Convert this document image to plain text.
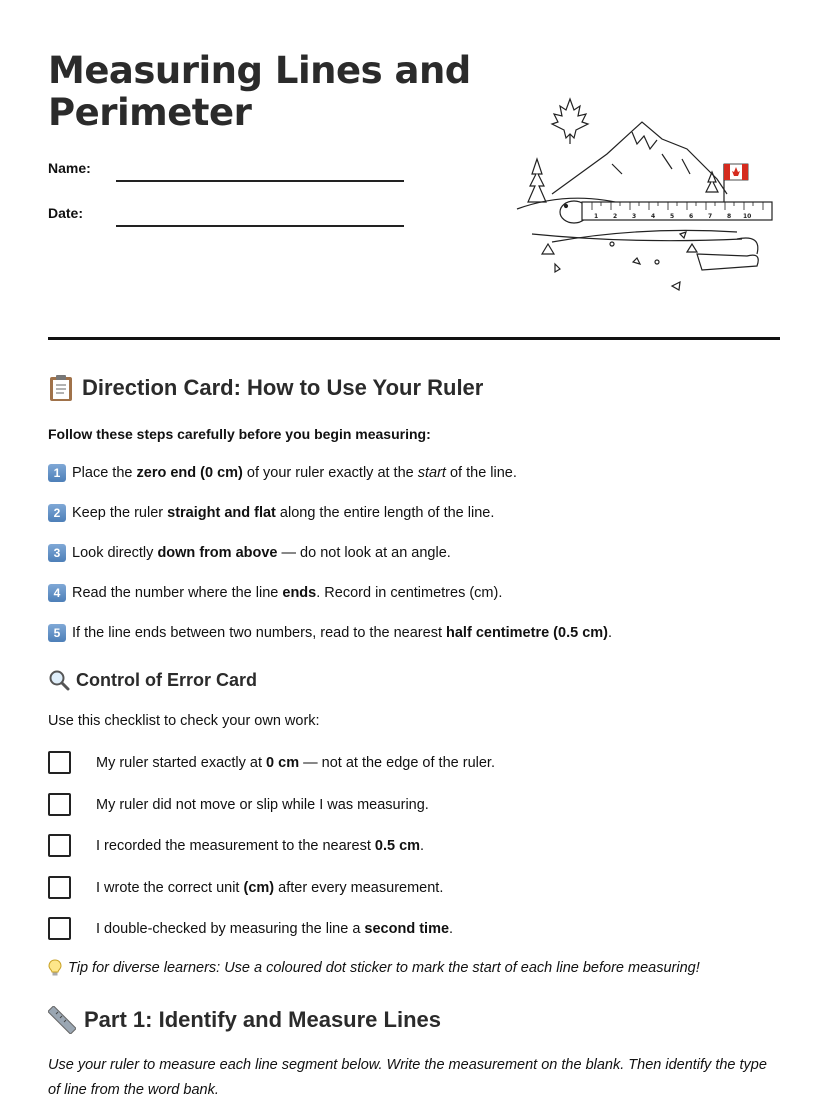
Measuring Lines and
Perimeter
Name:
Date:	1 2 3 4 5 6 7 8 10
Direction Card: How to Use Your Ruler
Follow these steps carefully before you begin measuring:
1 Place the zero end (0 cm) of your ruler exactly at the start of the line.
2 Keep the ruler straight and flat along the entire length of the line.
3 Look directly down from above — do not look at an angle.
4 Read the number where the line ends. Record in centimetres (cm).
5 If the line ends between two numbers, read to the nearest half centimetre (0.5 cm).
Control of Error Card
Use this checklist to check your own work:
My ruler started exactly at 0 cm — not at the edge of the ruler.
My ruler did not move or slip while I was measuring.
I recorded the measurement to the nearest 0.5 cm.
I wrote the correct unit (cm) after every measurement.
I double-checked by measuring the line a second time.
Tip for diverse learners: Use a coloured dot sticker to mark the start of each line before measuring!
Part 1: Identify and Measure Lines
Use your ruler to measure each line segment below. Write the measurement on the blank. Then identify the type of line from the word bank.
